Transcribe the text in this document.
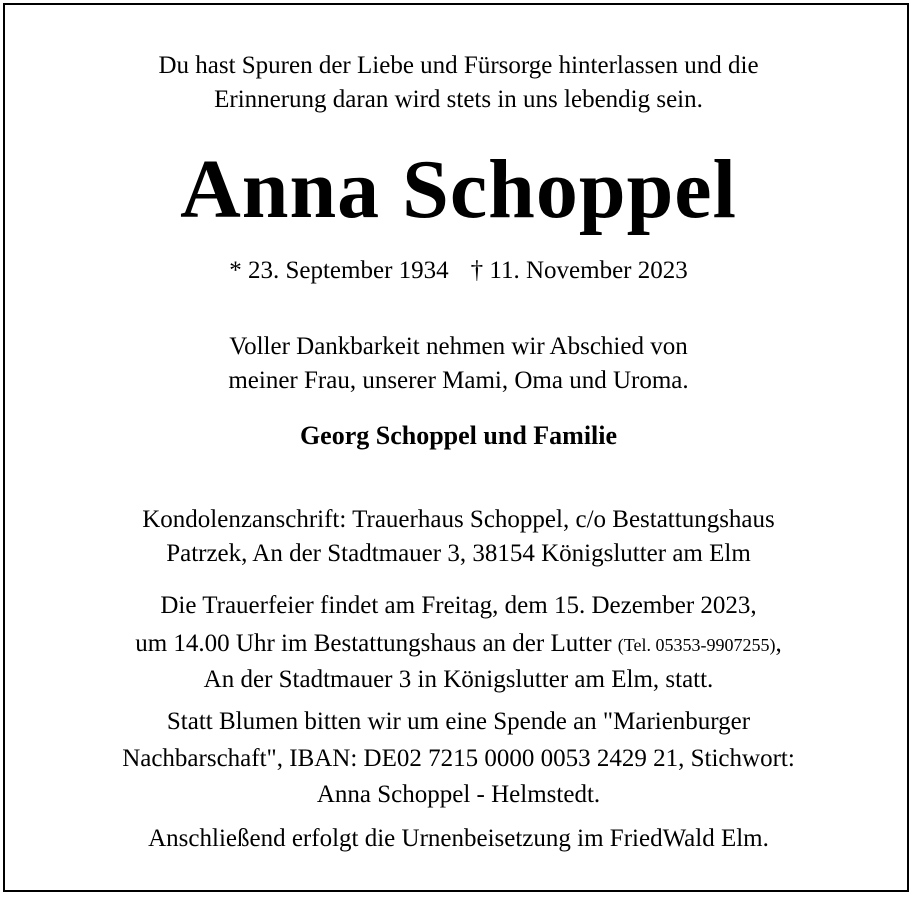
Du hast Spuren der Liebe und Fürsorge hinterlassen und die
Erinnerung daran wird stets in uns lebendig sein.
Anna Schoppel
* 23. September 1934 † 11. November 2023
Voller Dankbarkeit nehmen wir Abschied von
meiner Frau, unserer Mami, Oma und Uroma.
Georg Schoppel und Familie
Kondolenzanschrift: Trauerhaus Schoppel, c/o Bestattungshaus
Patrzek, An der Stadtmauer 3, 38154 Königslutter am Elm
Die Trauerfeier findet am Freitag, dem 15. Dezember 2023,
um 14.00 Uhr im Bestattungshaus an der Lutter (Tel. 05353-9907255),
An der Stadtmauer 3 in Königslutter am Elm, statt.
Statt Blumen bitten wir um eine Spende an "Marienburger
Nachbarschaft", IBAN: DE02 7215 0000 0053 2429 21, Stichwort:
Anna Schoppel - Helmstedt.
Anschließend erfolgt die Urnenbeisetzung im FriedWald Elm.
